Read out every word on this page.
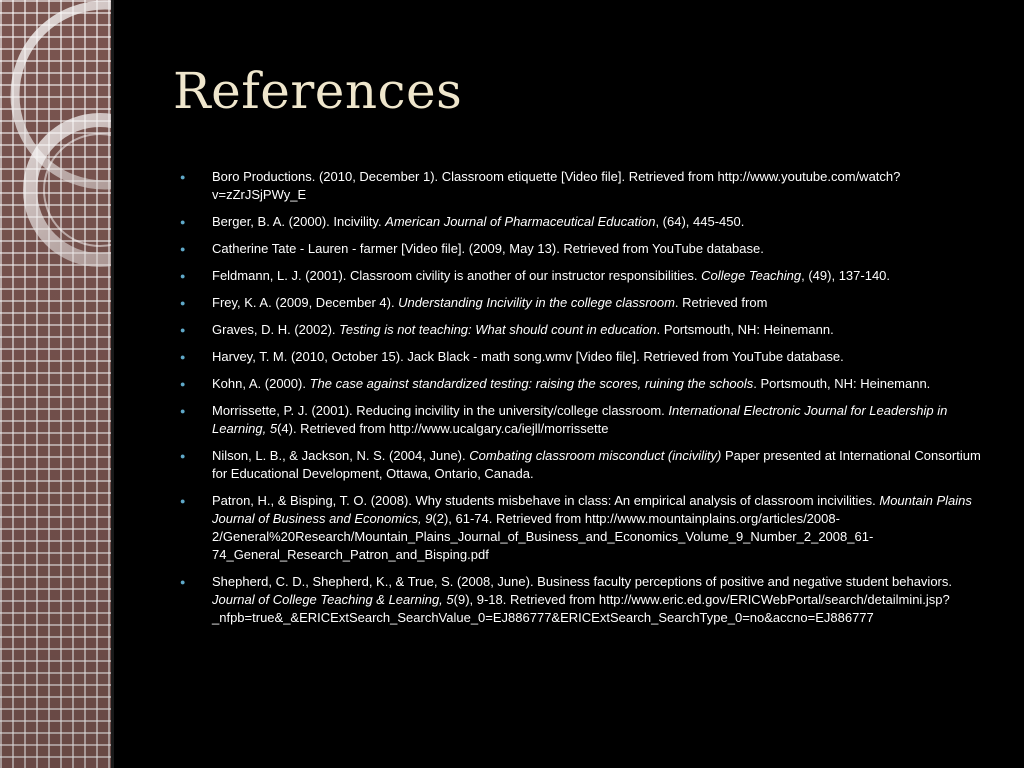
References
●	Boro Productions. (2010, December 1). Classroom etiquette [Video file]. Retrieved from http://www.youtube.com/watch?v=zZrJSjPWy_E
●	Berger, B. A. (2000). Incivility. American Journal of Pharmaceutical Education, (64), 445-450.
●	Catherine Tate - Lauren - farmer [Video file]. (2009, May 13). Retrieved from YouTube database.
●	Feldmann, L. J. (2001). Classroom civility is another of our instructor responsibilities. College Teaching, (49), 137-140.
●	Frey, K. A. (2009, December 4). Understanding Incivility in the college classroom. Retrieved from
●	Graves, D. H. (2002). Testing is not teaching: What should count in education. Portsmouth, NH: Heinemann.
●	Harvey, T. M. (2010, October 15). Jack Black - math song.wmv [Video file]. Retrieved from YouTube database.
●	Kohn, A. (2000). The case against standardized testing: raising the scores, ruining the schools. Portsmouth, NH: Heinemann.
●	Morrissette, P. J. (2001). Reducing incivility in the university/college classroom. International Electronic Journal for Leadership in Learning, 5(4). Retrieved from http://www.ucalgary.ca/iejll/morrissette
●	Nilson, L. B., & Jackson, N. S. (2004, June). Combating classroom misconduct (incivility) Paper presented at International Consortium for Educational Development, Ottawa, Ontario, Canada.
●	Patron, H., & Bisping, T. O. (2008). Why students misbehave in class: An empirical analysis of classroom incivilities. Mountain Plains Journal of Business and Economics, 9(2), 61-74. Retrieved from http://www.mountainplains.org/articles/2008-2/General%20Research/Mountain_Plains_Journal_of_Business_and_Economics_Volume_9_Number_2_2008_61-74_General_Research_Patron_and_Bisping.pdf
●	Shepherd, C. D., Shepherd, K., & True, S. (2008, June). Business faculty perceptions of positive and negative student behaviors. Journal of College Teaching & Learning, 5(9), 9-18. Retrieved from http://www.eric.ed.gov/ERICWebPortal/search/detailmini.jsp?_nfpb=true&_&ERICExtSearch_SearchValue_0=EJ886777&ERICExtSearch_SearchType_0=no&accno=EJ886777
